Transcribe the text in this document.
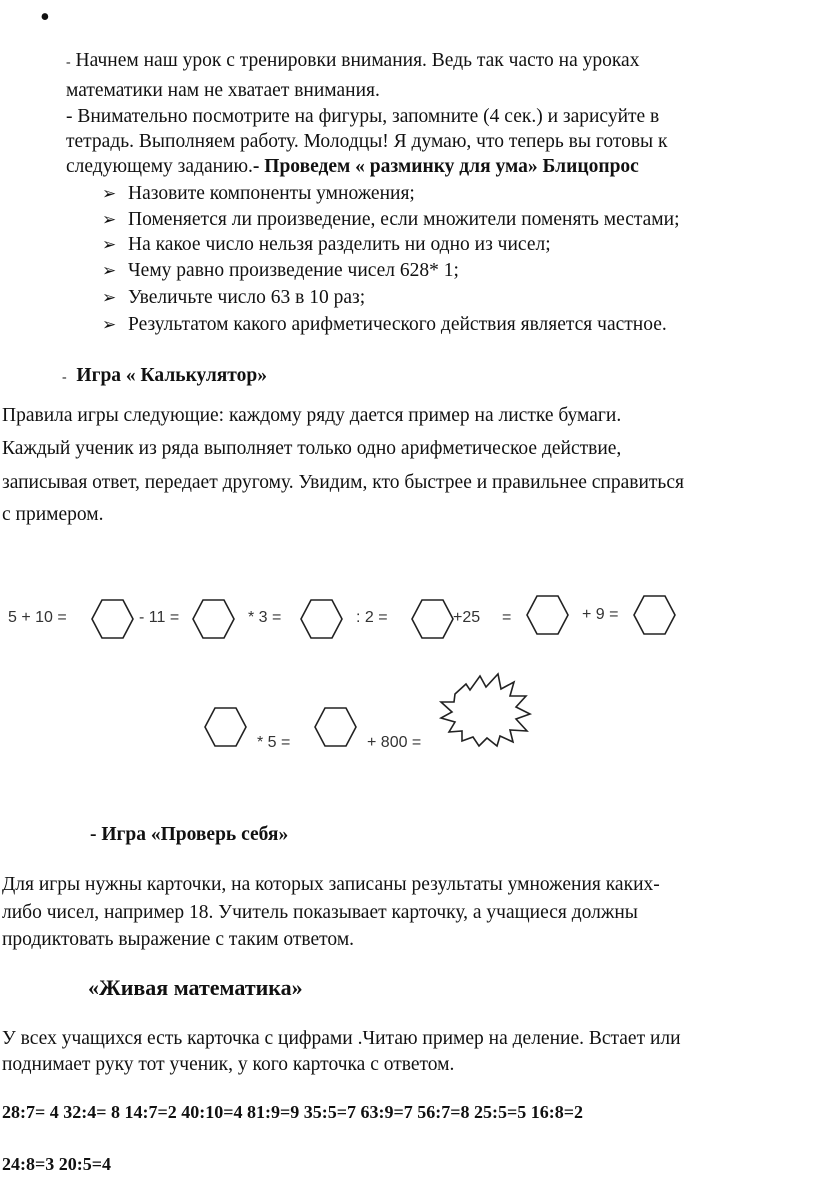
•
- Начнем наш урок с тренировки внимания. Ведь так часто на уроках
математики нам не хватает внимания.
- Внимательно посмотрите на фигуры, запомните (4 сек.) и зарисуйте в
тетрадь. Выполняем работу. Молодцы! Я думаю, что теперь вы готовы к
следующему заданию.- Проведем « разминку для ума» Блицопрос
➢ Назовите компоненты умножения;
➢ Поменяется ли произведение, если множители поменять местами;
➢ На какое число нельзя разделить ни одно из чисел;
➢ Чему равно произведение чисел 628* 1;
➢ Увеличьте число 63 в 10 раз;
➢ Результатом какого арифметического действия является частное.
- Игра « Калькулятор»
Правила игры следующие: каждому ряду дается пример на листке бумаги.
Каждый ученик из ряда выполняет только одно арифметическое действие,
записывая ответ, передает другому. Увидим, кто быстрее и правильнее справиться
с примером.
5 + 10 =	- 11 =	* 3 =	: 2 =	+25 =	+ 9 =
* 5 =	+ 800 =
- Игра «Проверь себя»
Для игры нужны карточки, на которых записаны результаты умножения каких-
либо чисел, например 18. Учитель показывает карточку, а учащиеся должны
продиктовать выражение с таким ответом.
«Живая математика»
У всех учащихся есть карточка с цифрами .Читаю пример на деление. Встает или
поднимает руку тот ученик, у кого карточка с ответом.
28:7= 4 32:4= 8 14:7=2 40:10=4 81:9=9 35:5=7 63:9=7 56:7=8 25:5=5 16:8=2
24:8=3 20:5=4
